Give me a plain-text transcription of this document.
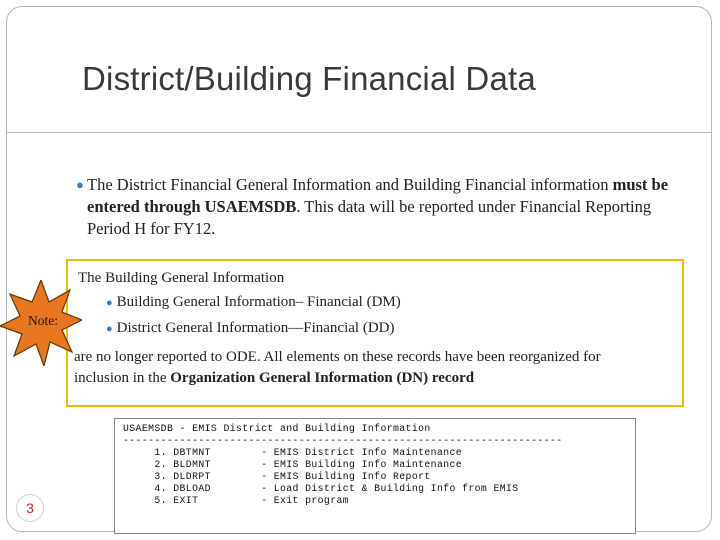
District/Building Financial Data
● The District Financial General Information and Building Financial information must be entered through USAEMSDB. This data will be reported under Financial Reporting Period H for FY12.
The Building General Information
● Building General Information– Financial (DM)
● District General Information—Financial (DD)
are no longer reported to ODE. All elements on these records have been reorganized for
inclusion in the Organization General Information (DN) record
Note:
USAEMSDB - EMIS District and Building Information
----------------------------------------------------------------------
1. DBTMNT        - EMIS District Info Maintenance
2. BLDMNT        - EMIS Building Info Maintenance
3. DLDRPT        - EMIS Building Info Report
4. DBLOAD        - Load District & Building Info from EMIS
5. EXIT          - Exit program
3
